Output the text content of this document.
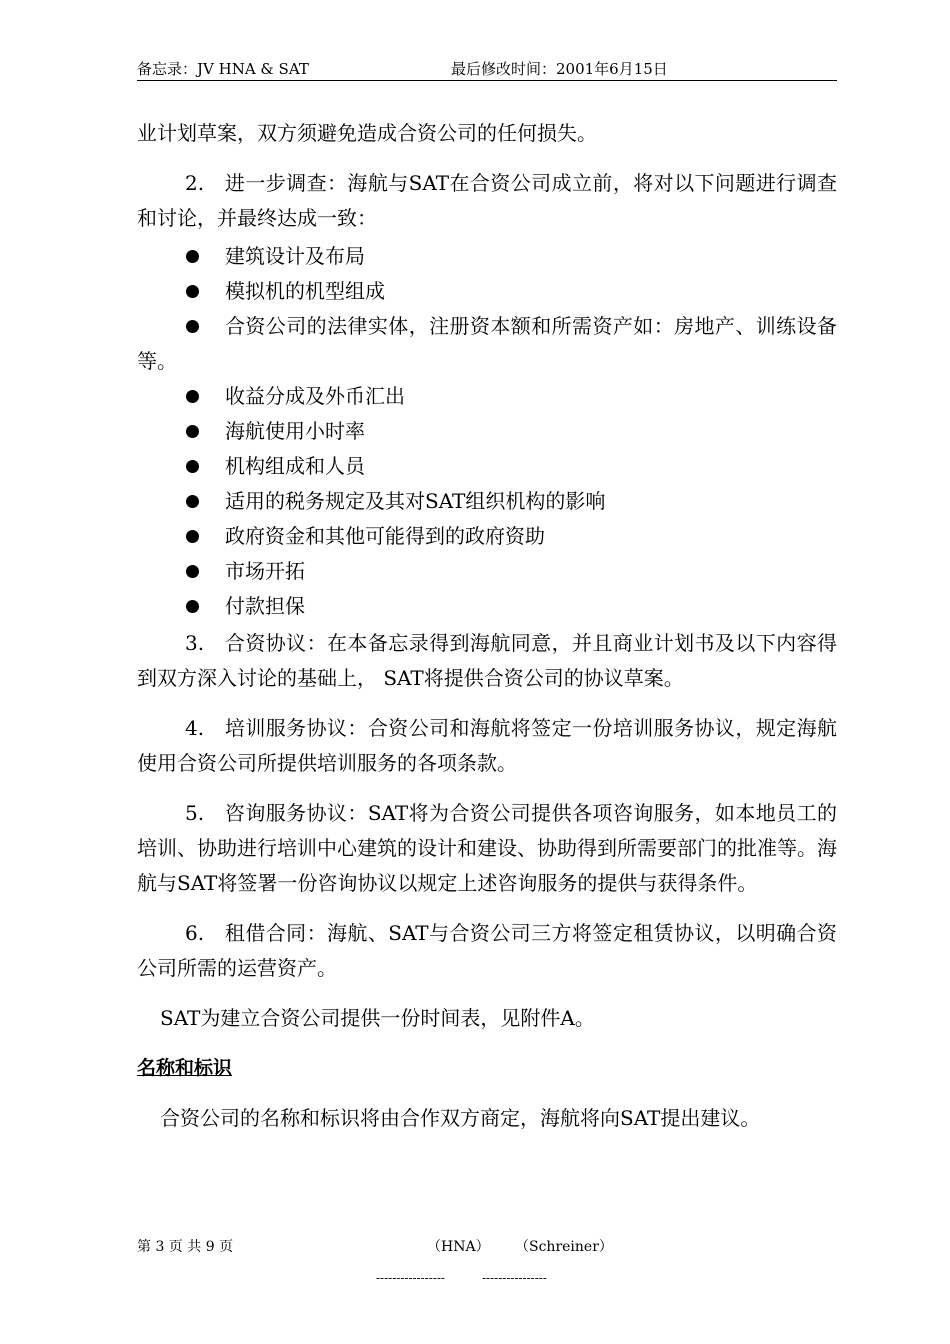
备忘录：JV HNA & SAT	最后修改时间：2001年6月15日

业计划草案，双方须避免造成合资公司的任何损失。

2.　进一步调查：海航与SAT在合资公司成立前，将对以下问题进行调查和讨论，并最终达成一致：

建筑设计及布局
模拟机的机型组成
合资公司的法律实体，注册资本额和所需资产如：房地产、训练设备等。
收益分成及外币汇出
海航使用小时率
机构组成和人员
适用的税务规定及其对SAT组织机构的影响
政府资金和其他可能得到的政府资助
市场开拓
付款担保

3.　合资协议：在本备忘录得到海航同意，并且商业计划书及以下内容得到双方深入讨论的基础上， SAT将提供合资公司的协议草案。

4.　培训服务协议：合资公司和海航将签定一份培训服务协议，规定海航使用合资公司所提供培训服务的各项条款。

5.　咨询服务协议：SAT将为合资公司提供各项咨询服务，如本地员工的培训、协助进行培训中心建筑的设计和建设、协助得到所需要部门的批准等。海航与SAT将签署一份咨询协议以规定上述咨询服务的提供与获得条件。

6.　租借合同：海航、SAT与合资公司三方将签定租赁协议，以明确合资公司所需的运营资产。

SAT为建立合资公司提供一份时间表，见附件A。

名称和标识

合资公司的名称和标识将由合作双方商定，海航将向SAT提出建议。

第 3 页 共 9 页	（HNA） （Schreiner）
-----------------	----------------
